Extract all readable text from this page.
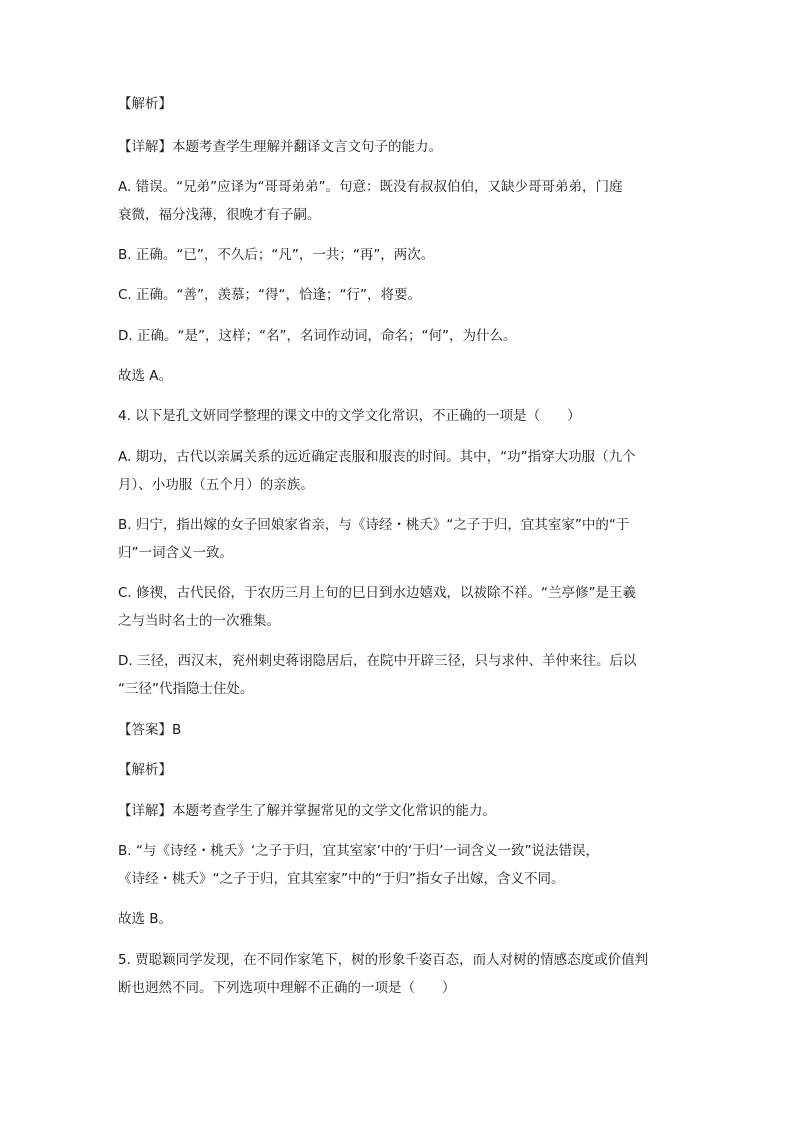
【解析】
【详解】本题考查学生理解并翻译文言文句子的能力。
A. 错误。“兄弟”应译为“哥哥弟弟”。句意：既没有叔叔伯伯，又缺少哥哥弟弟，门庭
衰微，福分浅薄，很晚才有子嗣。
B. 正确。“已”，不久后；“凡”，一共；“再”，两次。
C. 正确。“善”，羡慕；“得“，恰逢；“行”，将要。
D. 正确。“是”，这样；“名”，名词作动词，命名；“何”，为什么。
故选 A。
4. 以下是孔文妍同学整理的课文中的文学文化常识，不正确的一项是（　　）
A. 期功，古代以亲属关系的远近确定丧服和服丧的时间。其中，“功”指穿大功服（九个
月）、小功服（五个月）的亲族。
B. 归宁，指出嫁的女子回娘家省亲，与《诗经・桃夭》“之子于归，宜其室家”中的“于
归”一词含义一致。
C. 修禊，古代民俗，于农历三月上旬的巳日到水边嬉戏，以祓除不祥。“兰亭修”是王羲
之与当时名士的一次雅集。
D. 三径，西汉末，兖州刺史蒋诩隐居后，在院中开辟三径，只与求仲、羊仲来往。后以
“三径”代指隐士住处。
【答案】B
【解析】
【详解】本题考查学生了解并掌握常见的文学文化常识的能力。
B. “与《诗经・桃夭》‘之子于归，宜其室家’中的‘于归’一词含义一致”说法错误，
《诗经・桃夭》“之子于归，宜其室家”中的“于归”指女子出嫁，含义不同。
故选 B。
5. 贾聪颖同学发现，在不同作家笔下，树的形象千姿百态，而人对树的情感态度或价值判
断也迥然不同。下列选项中理解不正确的一项是（　　）
